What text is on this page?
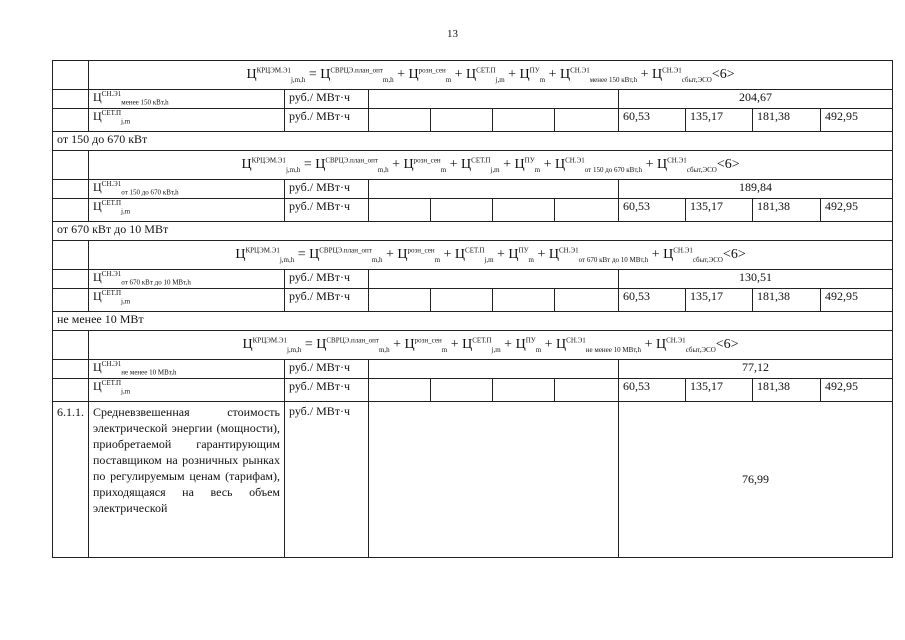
13
	$Ц^{КРЦЭМ.Э1}_{j,m,h} = Ц^{СВРЦЭ.план\_опт}_{m,h} + Ц^{розн\_сен}_m + Ц^{СЕТ.П}_{j,m} + Ц^{ПУ}_m + Ц^{СН.Э1}_{менее 150 кВт,h} + Ц^{СН.Э1}_{сбыт,ЭСО}<6>$									
	$Ц^{СН.Э1}_{менее 150 кВт,h}$	руб./ МВт·ч					204,67			
	$Ц^{СЕТ.П}_{j,m}$	руб./ МВт·ч					60,53	135,17	181,38	492,95
от 150 до 670 кВт										
	$Ц^{КРЦЭМ.Э1}_{j,m,h} = Ц^{СВРЦЭ.план\_опт}_{m,h} + Ц^{розн\_сен}_m + Ц^{СЕТ.П}_{j,m} + Ц^{ПУ}_m + Ц^{СН.Э1}_{от 150 до 670 кВт,h} + Ц^{СН.Э1}_{сбыт,ЭСО}<6>$									
	$Ц^{СН.Э1}_{от 150 до 670 кВт,h}$	руб./ МВт·ч					189,84			
	$Ц^{СЕТ.П}_{j,m}$	руб./ МВт·ч					60,53	135,17	181,38	492,95
от 670 кВт до 10 МВт										
	$Ц^{КРЦЭМ.Э1}_{j,m,h} = Ц^{СВРЦЭ.план\_опт}_{m,h} + Ц^{розн\_сен}_m + Ц^{СЕТ.П}_{j,m} + Ц^{ПУ}_m + Ц^{СН.Э1}_{от 670 кВт до 10 МВт,h} + Ц^{СН.Э1}_{сбыт,ЭСО}<6>$									
	$Ц^{СН.Э1}_{от 670 кВт до 10 МВт,h}$	руб./ МВт·ч					130,51			
	$Ц^{СЕТ.П}_{j,m}$	руб./ МВт·ч					60,53	135,17	181,38	492,95
не менее 10 МВт										
	$Ц^{КРЦЭМ.Э1}_{j,m,h} = Ц^{СВРЦЭ.план\_опт}_{m,h} + Ц^{розн\_сен}_m + Ц^{СЕТ.П}_{j,m} + Ц^{ПУ}_m + Ц^{СН.Э1}_{не менее 10 МВт,h} + Ц^{СН.Э1}_{сбыт,ЭСО}<6>$									
	$Ц^{СН.Э1}_{не менее 10 МВт,h}$	руб./ МВт·ч					77,12			
	$Ц^{СЕТ.П}_{j,m}$	руб./ МВт·ч					60,53	135,17	181,38	492,95
6.1.1.	Средневзвешенная стоимость электрической энергии (мощности), приобретаемой гарантирующим поставщиком на розничных рынках по регулируемым ценам (тарифам), приходящаяся на весь объем электрической	руб./ МВт·ч					76,99			
